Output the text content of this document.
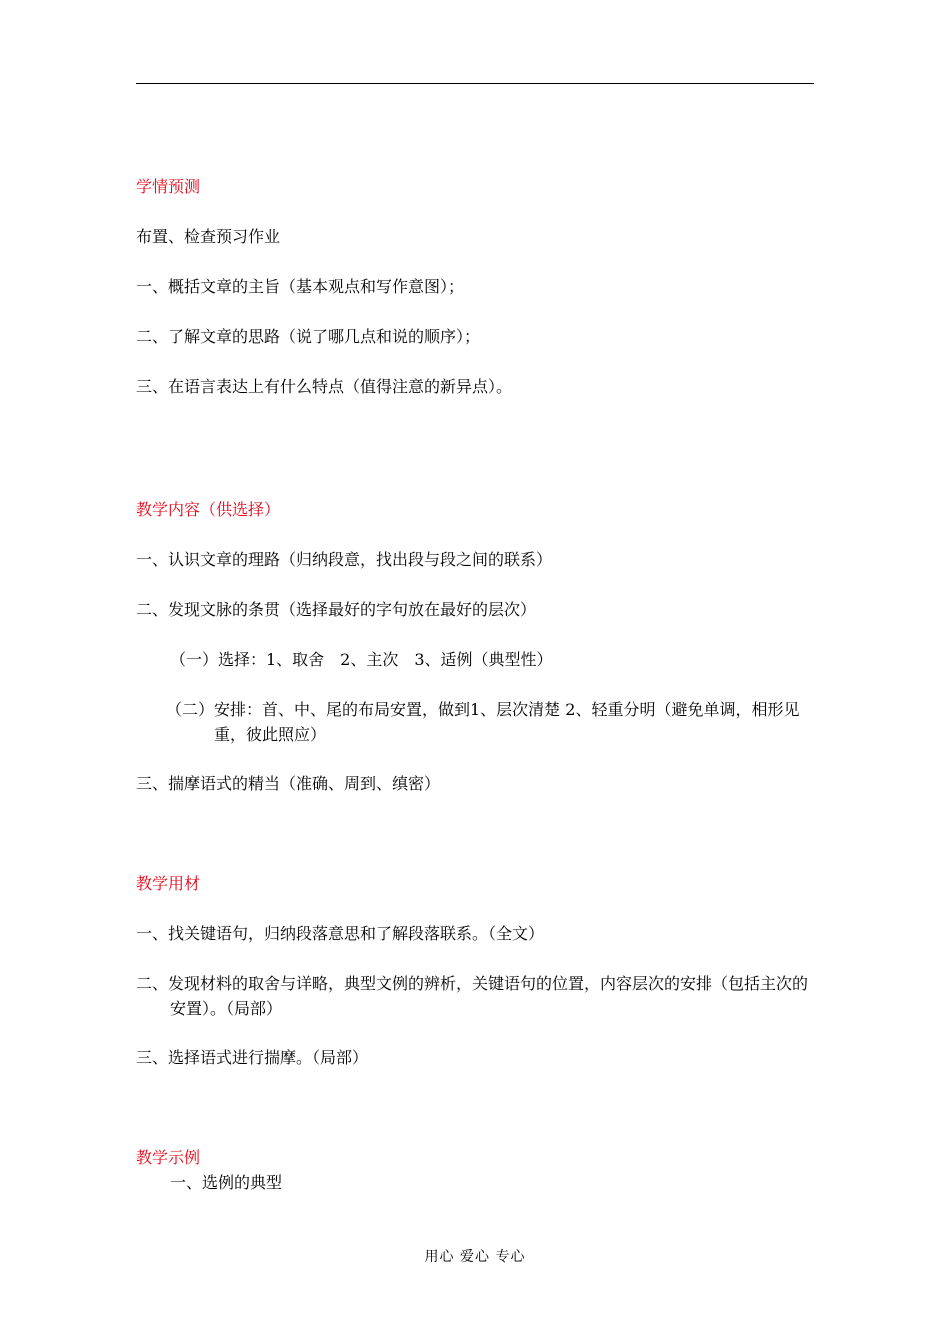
学情预测
布置、检查预习作业
一、概括文章的主旨（基本观点和写作意图）；
二、了解文章的思路（说了哪几点和说的顺序）；
三、在语言表达上有什么特点（值得注意的新异点）。
教学内容（供选择）
一、认识文章的理路（归纳段意，找出段与段之间的联系）
二、发现文脉的条贯（选择最好的字句放在最好的层次）
（一）选择：1、取舍　2、主次　3、适例（典型性）
（二）安排：首、中、尾的布局安置，做到1、层次清楚 2、轻重分明（避免单调，相形见重，彼此照应）
三、揣摩语式的精当（准确、周到、缜密）
教学用材
一、找关键语句，归纳段落意思和了解段落联系。（全文）
二、发现材料的取舍与详略，典型文例的辨析，关键语句的位置，内容层次的安排（包括主次的安置）。（局部）
三、选择语式进行揣摩。（局部）
教学示例
一、选例的典型
用心 爱心 专心
